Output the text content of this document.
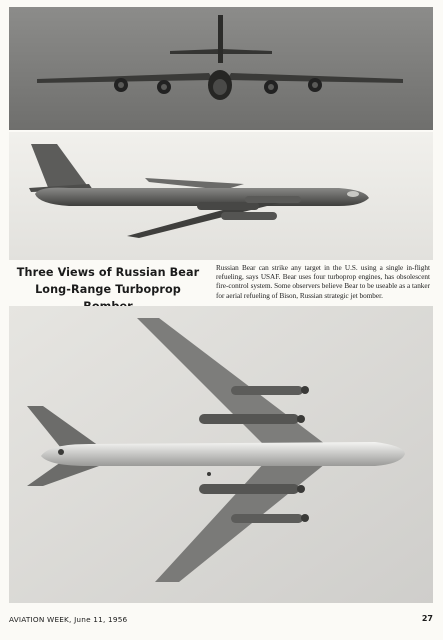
Three Views of Russian Bear
Long-Range Turboprop
Russian Bear can strike any target in the U.S. using a single in-flight refueling, says USAF. Bear uses four turboprop engines, has obsolescent fire-control system. Some observers believe Bear to be useable as a tanker for aerial refueling of Bison, Russian strategic jet bomber.
AVIATION WEEK, June 11, 1956	27
